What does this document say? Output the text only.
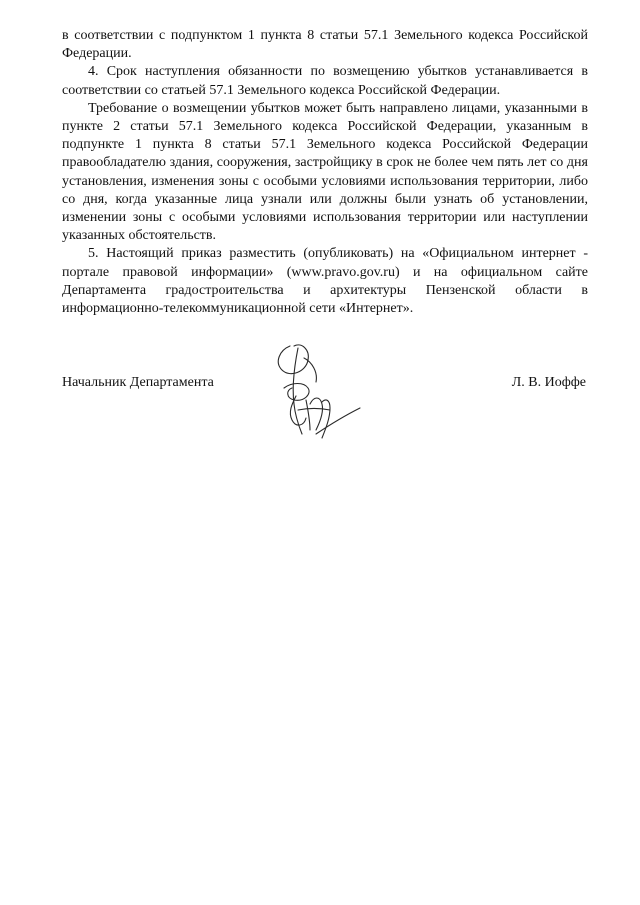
в соответствии с подпунктом 1 пункта 8 статьи 57.1 Земельного кодекса Российской Федерации.

4. Срок наступления обязанности по возмещению убытков устанавливается в соответствии со статьей 57.1 Земельного кодекса Российской Федерации.

Требование о возмещении убытков может быть направлено лицами, указанными в пункте 2 статьи 57.1 Земельного кодекса Российской Федерации, указанным в подпункте 1 пункта 8 статьи 57.1 Земельного кодекса Российской Федерации правообладателю здания, сооружения, застройщику в срок не более чем пять лет со дня установления, изменения зоны с особыми условиями использования территории, либо со дня, когда указанные лица узнали или должны были узнать об установлении, изменении зоны с особыми условиями использования территории или наступлении указанных обстоятельств.

5. Настоящий приказ разместить (опубликовать) на «Официальном интернет - портале правовой информации» (www.pravo.gov.ru) и на официальном сайте Департамента градостроительства и архитектуры Пензенской области в информационно-телекоммуникационной сети «Интернет».

Начальник Департамента	Л. В. Иоффе
